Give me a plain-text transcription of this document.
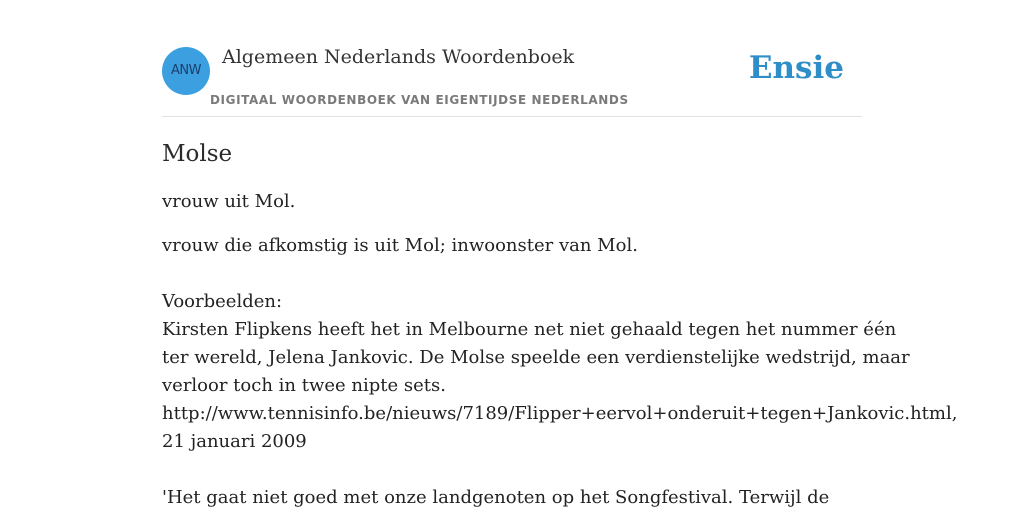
ANW
Algemeen Nederlands Woordenboek
DIGITAAL WOORDENBOEK VAN EIGENTIJDSE NEDERLANDS
Ensie
Molse

vrouw uit Mol.

vrouw die afkomstig is uit Mol; inwoonster van Mol.
Voorbeelden:
Kirsten Flipkens heeft het in Melbourne net niet gehaald tegen het nummer één
ter wereld, Jelena Jankovic. De Molse speelde een verdienstelijke wedstrijd, maar
verloor toch in twee nipte sets.
http://www.tennisinfo.be/nieuws/7189/Flipper+eervol+onderuit+tegen+Jankovic.html,
21 januari 2009
'Het gaat niet goed met onze landgenoten op het Songfestival. Terwijl de
